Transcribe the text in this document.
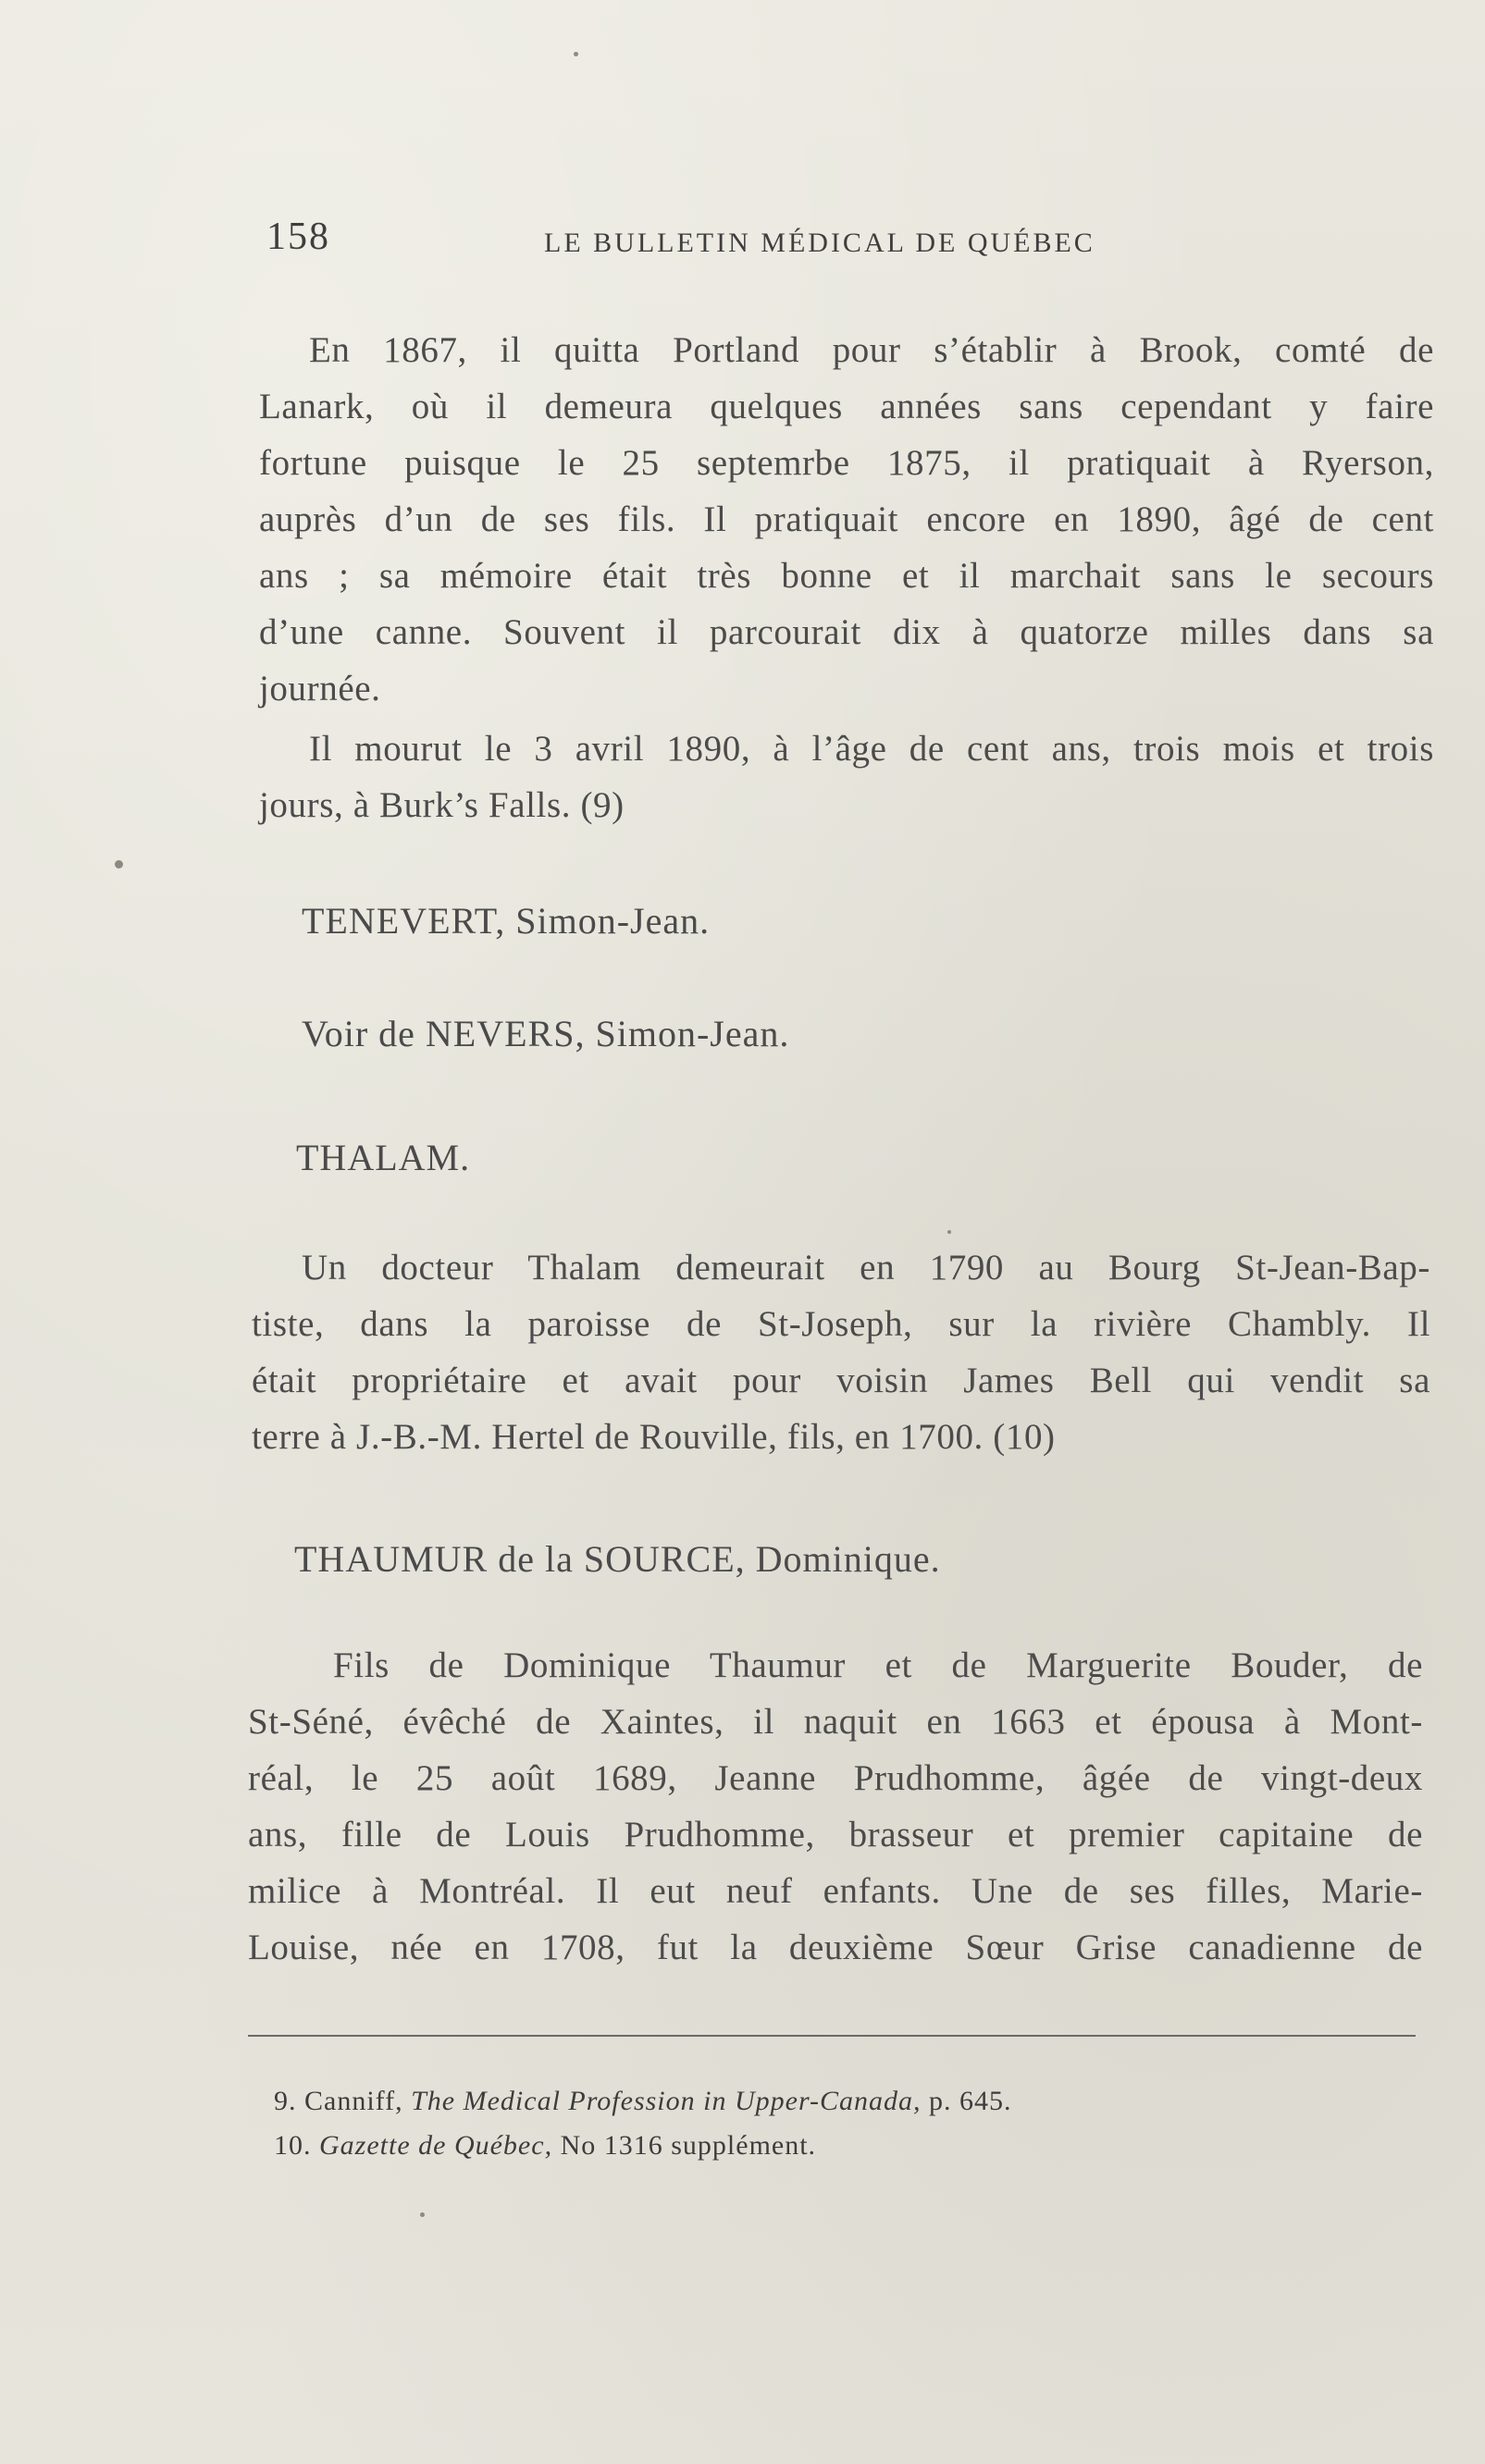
158	LE BULLETIN MÉDICAL DE QUÉBEC
En 1867, il quitta Portland pour s’établir à Brook, comté de
Lanark, où il demeura quelques années sans cependant y faire
fortune puisque le 25 septemrbe 1875, il pratiquait à Ryerson,
auprès d’un de ses fils. Il pratiquait encore en 1890, âgé de cent
ans ; sa mémoire était très bonne et il marchait sans le secours
d’une canne. Souvent il parcourait dix à quatorze milles dans sa
journée.
Il mourut le 3 avril 1890, à l’âge de cent ans, trois mois et trois
jours, à Burk’s Falls. (9)
TENEVERT, Simon-Jean.
Voir de NEVERS, Simon-Jean.
THALAM.
Un docteur Thalam demeurait en 1790 au Bourg St-Jean-Bap-
tiste, dans la paroisse de St-Joseph, sur la rivière Chambly. Il
était propriétaire et avait pour voisin James Bell qui vendit sa
terre à J.-B.-M. Hertel de Rouville, fils, en 1700. (10)
THAUMUR de la SOURCE, Dominique.
Fils de Dominique Thaumur et de Marguerite Bouder, de
St-Séné, évêché de Xaintes, il naquit en 1663 et épousa à Mont-
réal, le 25 août 1689, Jeanne Prudhomme, âgée de vingt-deux
ans, fille de Louis Prudhomme, brasseur et premier capitaine de
milice à Montréal. Il eut neuf enfants. Une de ses filles, Marie-
Louise, née en 1708, fut la deuxième Sœur Grise canadienne de
9. Canniff, The Medical Profession in Upper-Canada, p. 645.
10. Gazette de Québec, No 1316 supplément.
